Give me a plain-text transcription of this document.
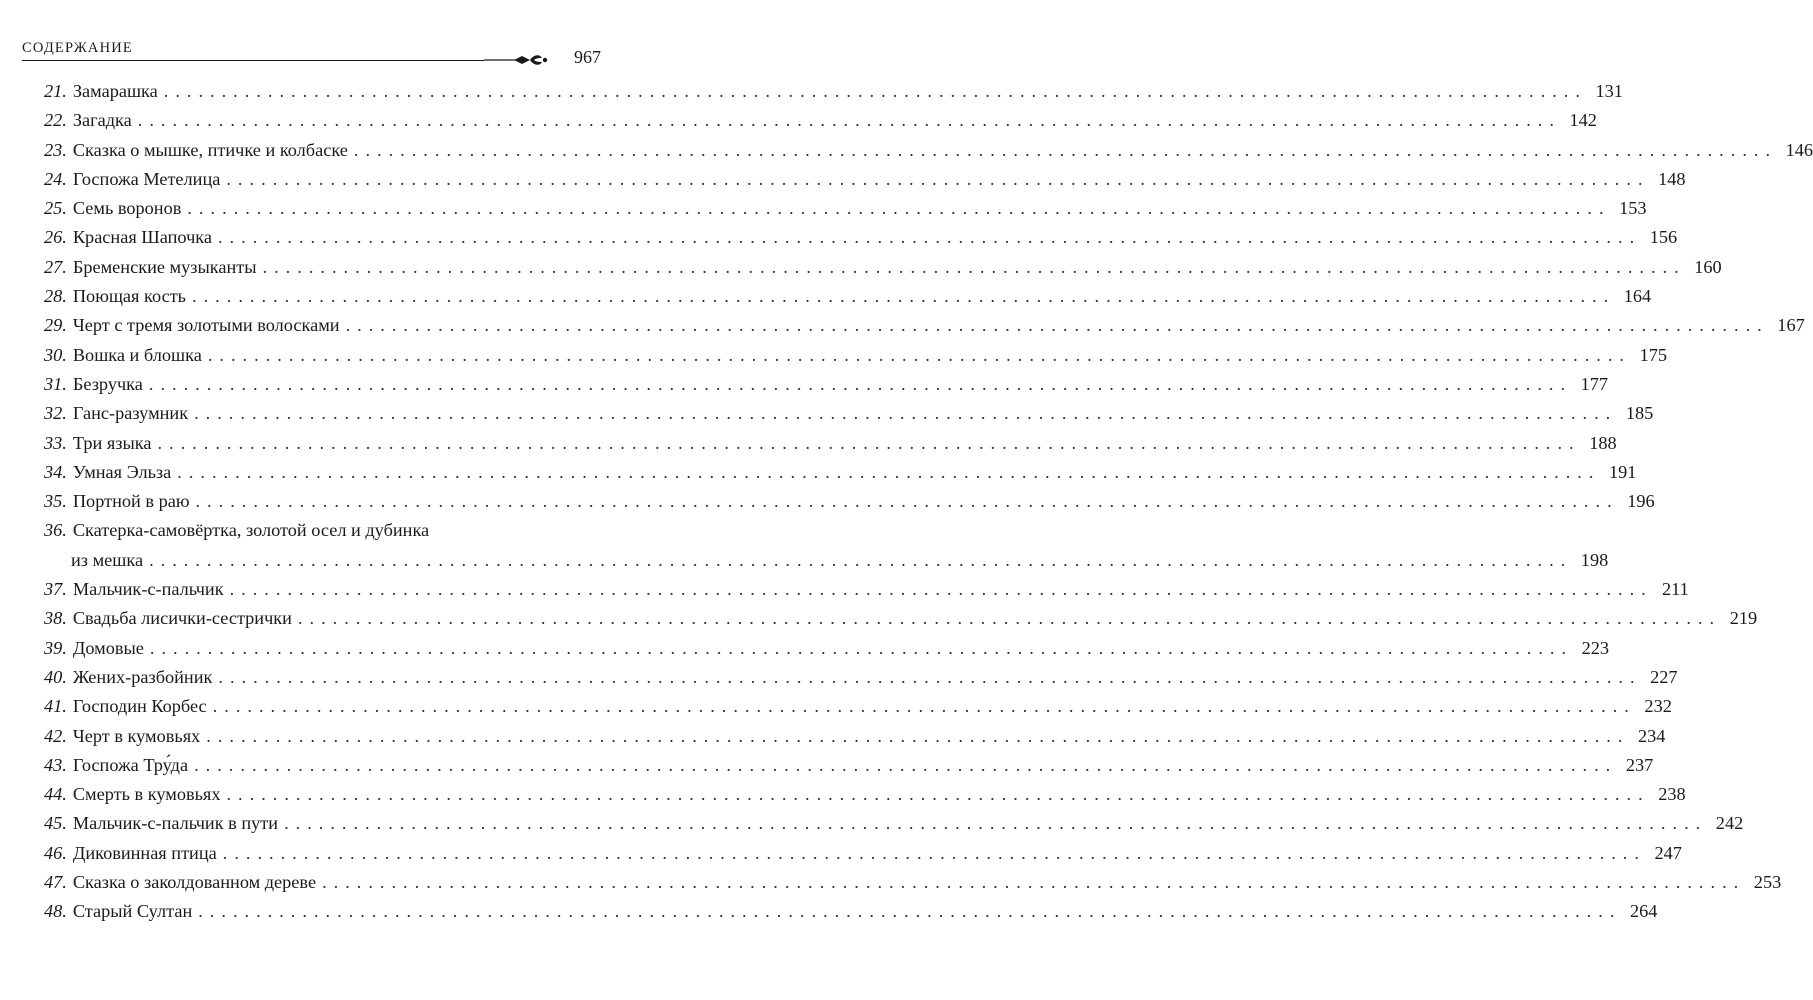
СОДЕРЖАНИЕ	967
21. Замарашка ........................................................................................................................... 131
22. Загадка ........................................................................................................................... 142
23. Сказка о мышке, птичке и колбаске ........................................................................................................................... 146
24. Госпожа Метелица ........................................................................................................................... 148
25. Семь воронов ........................................................................................................................... 153
26. Красная Шапочка ........................................................................................................................... 156
27. Бременские музыканты ........................................................................................................................... 160
28. Поющая кость ........................................................................................................................... 164
29. Черт с тремя золотыми волосками ........................................................................................................................... 167
30. Вошка и блошка ........................................................................................................................... 175
31. Безручка ........................................................................................................................... 177
32. Ганс-разумник ........................................................................................................................... 185
33. Три языка ........................................................................................................................... 188
34. Умная Эльза ........................................................................................................................... 191
35. Портной в раю ........................................................................................................................... 196
36. Скатерка-самовёртка, золотой осел и дубинка
из мешка ........................................................................................................................... 198
37. Мальчик-с-пальчик ........................................................................................................................... 211
38. Свадьба лисички-сестрички ........................................................................................................................... 219
39. Домовые ........................................................................................................................... 223
40. Жених-разбойник ........................................................................................................................... 227
41. Господин Корбес ........................................................................................................................... 232
42. Черт в кумовьях ........................................................................................................................... 234
43. Госпожа Тру́да ........................................................................................................................... 237
44. Смерть в кумовьях ........................................................................................................................... 238
45. Мальчик-с-пальчик в пути ........................................................................................................................... 242
46. Диковинная птица ........................................................................................................................... 247
47. Сказка о заколдованном дереве ........................................................................................................................... 253
48. Старый Султан ........................................................................................................................... 264
